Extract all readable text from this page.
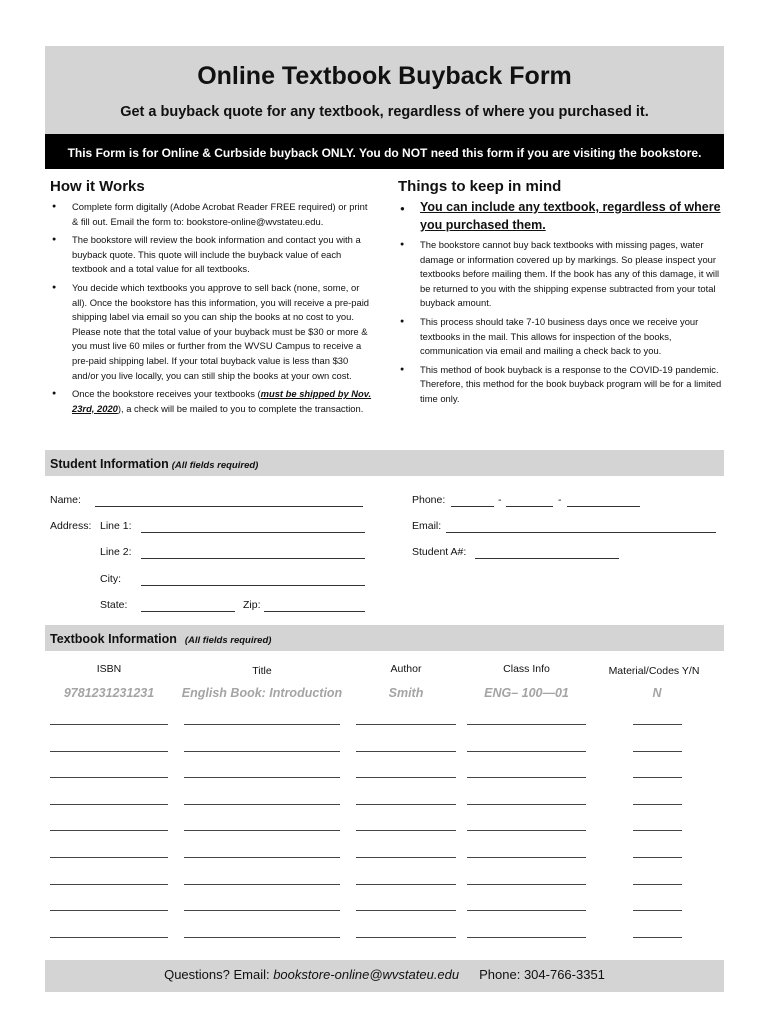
Online Textbook Buyback Form
Get a buyback quote for any textbook, regardless of where you purchased it.
This Form is for Online & Curbside buyback ONLY. You do NOT need this form if you are visiting the bookstore.
How it Works
● Complete form digitally (Adobe Acrobat Reader FREE required) or print & fill out. Email the form to: bookstore-online@wvstateu.edu.
● The bookstore will review the book information and contact you with a buyback quote. This quote will include the buyback value of each textbook and a total value for all textbooks.
● You decide which textbooks you approve to sell back (none, some, or all). Once the bookstore has this information, you will receive a pre-paid shipping label via email so you can ship the books at no cost to you. Please note that the total value of your buyback must be $30 or more & you must live 60 miles or further from the WVSU Campus to receive a pre-paid shipping label. If your total buyback value is less than $30 and/or you live locally, you can still ship the books at your own cost.
● Once the bookstore receives your textbooks (must be shipped by Nov. 23rd, 2020), a check will be mailed to you to complete the transaction.
Things to keep in mind
● You can include any textbook, regardless of where you purchased them.
● The bookstore cannot buy back textbooks with missing pages, water damage or information covered up by markings. So please inspect your textbooks before mailing them. If the book has any of this damage, it will be returned to you with the shipping expense subtracted from your total buyback amount.
● This process should take 7-10 business days once we receive your textbooks in the mail. This allows for inspection of the books, communication via email and mailing a check back to you.
● This method of book buyback is a response to the COVID-19 pandemic. Therefore, this method for the book buyback program will be for a limited time only.
Student Information (All fields required)
Name:
Address: Line 1:
Line 2:
City:
State:	Zip:
Phone:	-	-
Email:
Student A#:
Textbook Information (All fields required)
ISBN	Title	Author	Class Info	Material/Codes Y/N
9781231231231	English Book: Introduction	Smith	ENG– 100—01	N
Questions? Email: bookstore-online@wvstateu.edu Phone: 304-766-3351
